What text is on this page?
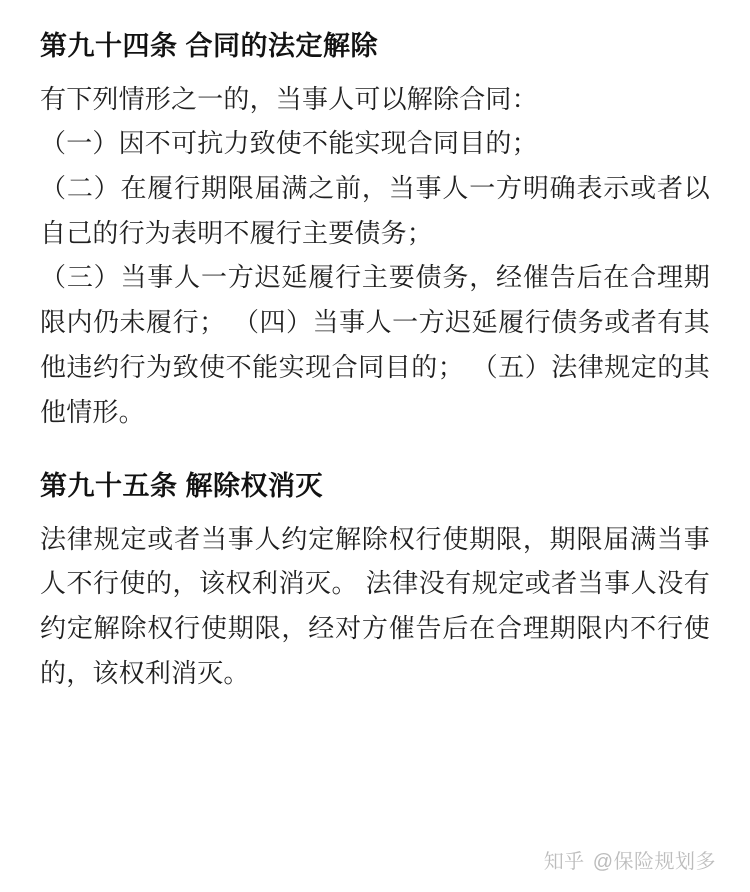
第九十四条 合同的法定解除

有下列情形之一的，当事人可以解除合同：

（一）因不可抗力致使不能实现合同目的；

（二）在履行期限届满之前，当事人一方明确表示或者以自己的行为表明不履行主要债务；

（三）当事人一方迟延履行主要债务，经催告后在合理期限内仍未履行； （四）当事人一方迟延履行债务或者有其他违约行为致使不能实现合同目的； （五）法律规定的其他情形。

第九十五条 解除权消灭

法律规定或者当事人约定解除权行使期限，期限届满当事人不行使的，该权利消灭。 法律没有规定或者当事人没有约定解除权行使期限，经对方催告后在合理期限内不行使的，该权利消灭。

知乎 @保险规划多
